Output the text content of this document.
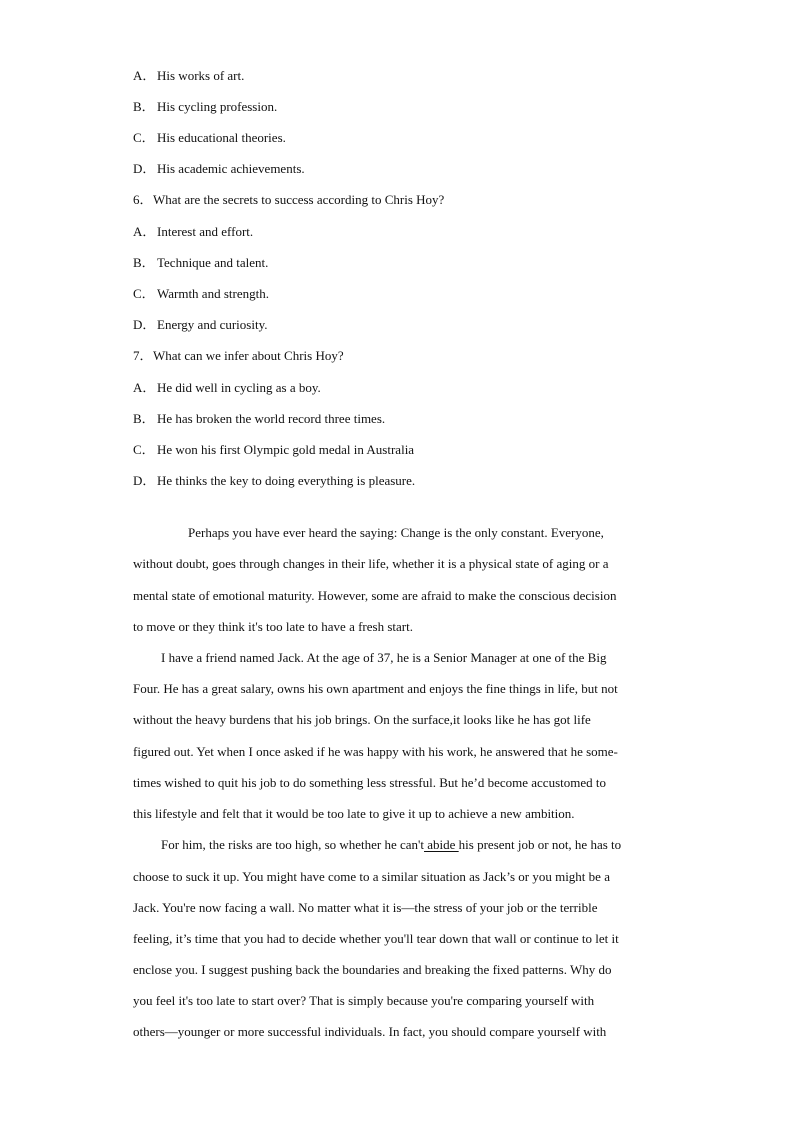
A． His works of art.
B． His cycling profession.
C． His educational theories.
D． His academic achievements.
6．What are the secrets to success according to Chris Hoy?
A． Interest and effort.
B． Technique and talent.
C． Warmth and strength.
D． Energy and curiosity.
7．What can we infer about Chris Hoy?
A． He did well in cycling as a boy.
B． He has broken the world record three times.
C． He won his first Olympic gold medal in Australia
D． He thinks the key to doing everything is pleasure.
Perhaps you have ever heard the saying: Change is the only constant. Everyone,
without doubt, goes through changes in their life, whether it is a physical state of aging or a
mental state of emotional maturity. However, some are afraid to make the conscious decision
to move or they think it's too late to have a fresh start.
I have a friend named Jack. At the age of 37, he is a Senior Manager at one of the Big
Four. He has a great salary, owns his own apartment and enjoys the fine things in life, but not
without the heavy burdens that his job brings. On the surface,it looks like he has got life
figured out. Yet when I once asked if he was happy with his work, he answered that he some-
times wished to quit his job to do something less stressful. But he’d become accustomed to
this lifestyle and felt that it would be too late to give it up to achieve a new ambition.
For him, the risks are too high, so whether he can't abide his present job or not, he has to
choose to suck it up. You might have come to a similar situation as Jack’s or you might be a
Jack. You're now facing a wall. No matter what it is—the stress of your job or the terrible
feeling, it’s time that you had to decide whether you'll tear down that wall or continue to let it
enclose you. I suggest pushing back the boundaries and breaking the fixed patterns. Why do
you feel it's too late to start over? That is simply because you're comparing yourself with
others—younger or more successful individuals. In fact, you should compare yourself with
